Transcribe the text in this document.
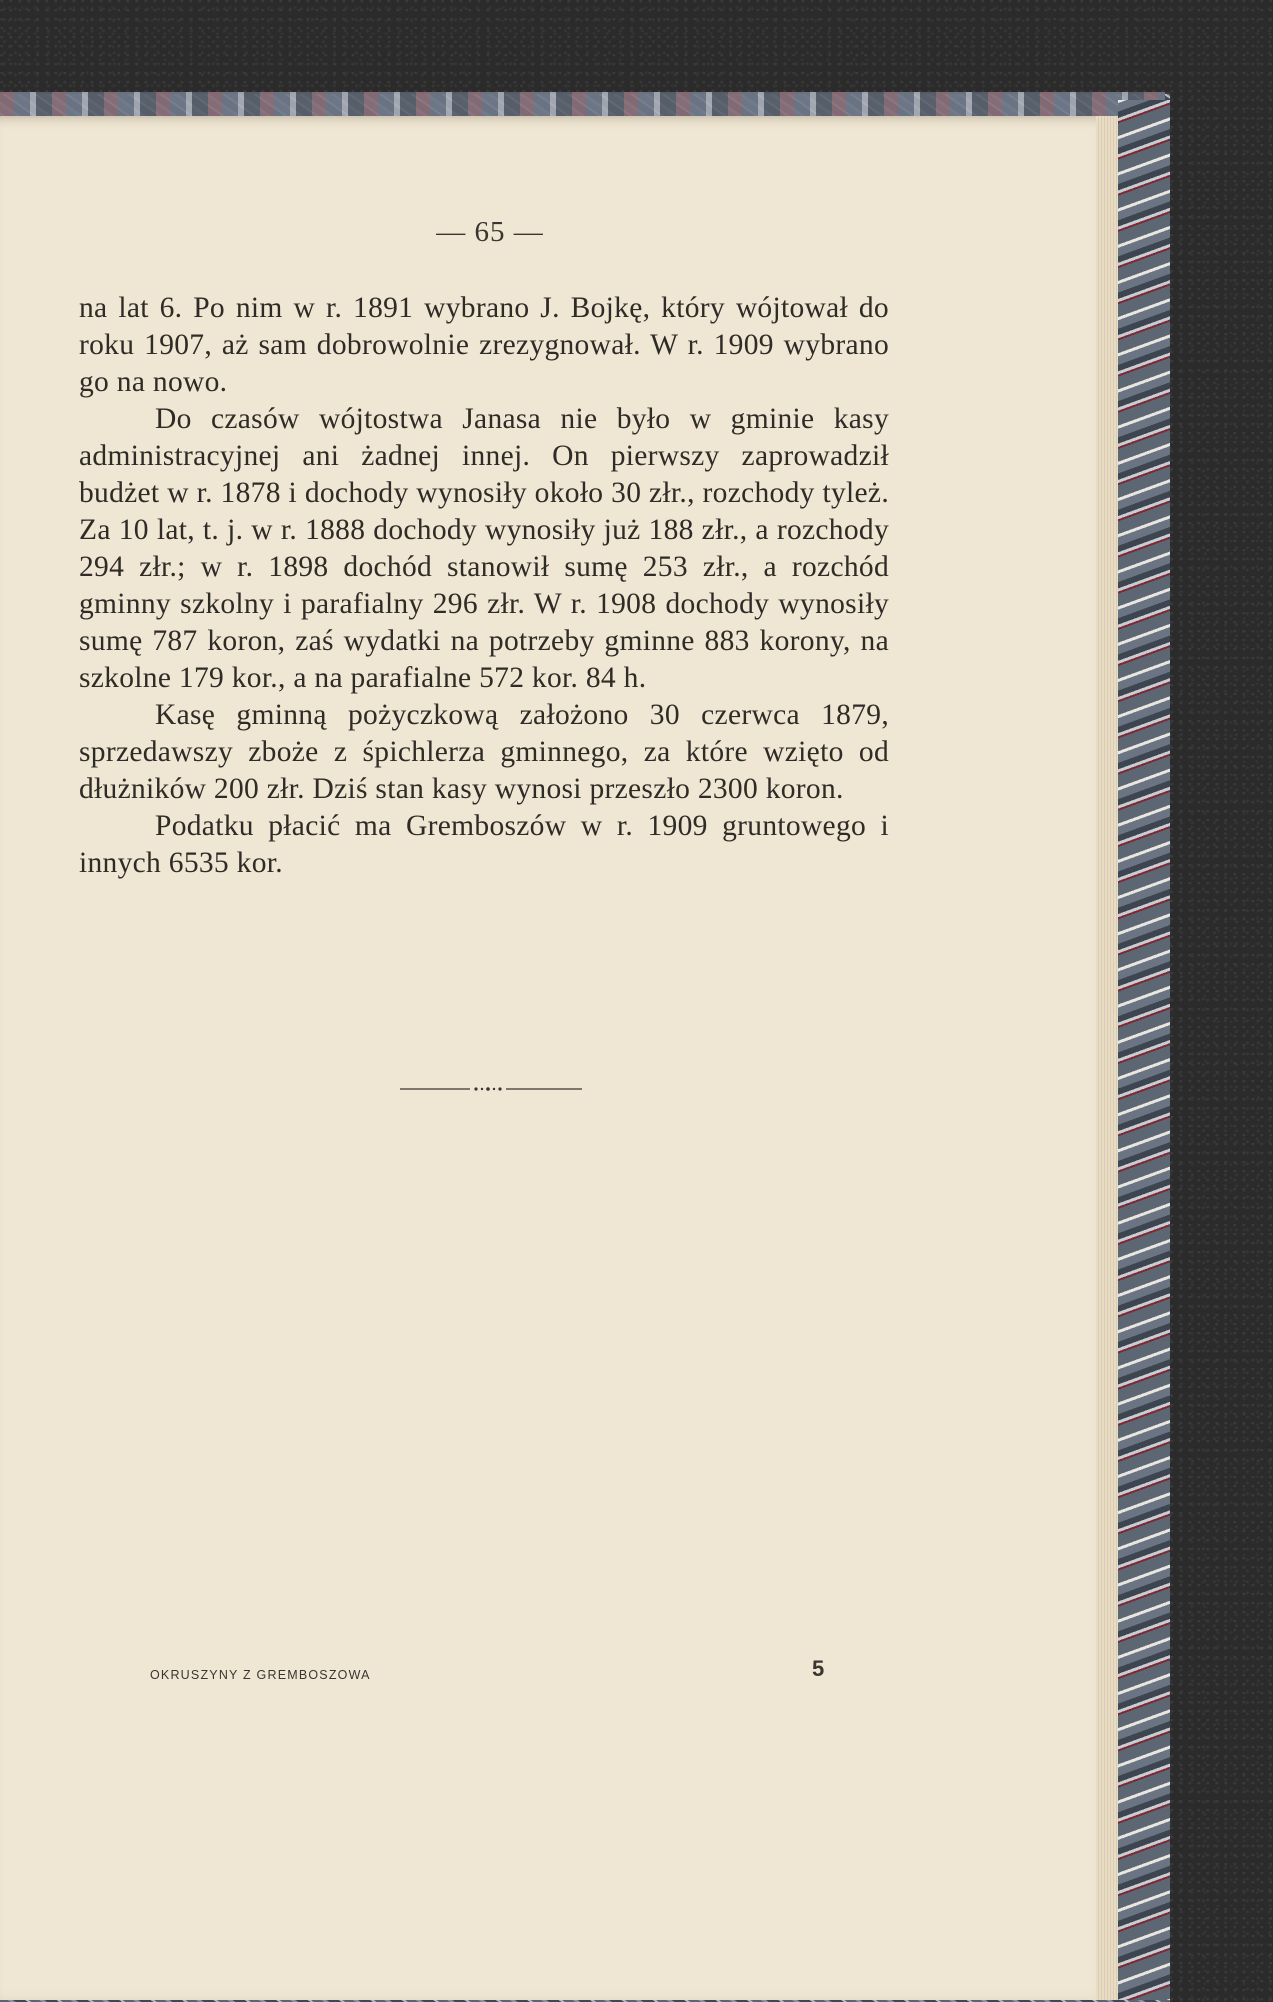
— 65 —

na lat 6. Po nim w r. 1891 wybrano J. Bojkę, który wójtował do roku 1907, aż sam dobrowolnie zrezygnował. W r. 1909 wybrano go na nowo.

Do czasów wójtostwa Janasa nie było w gminie kasy administracyjnej ani żadnej innej. On pierwszy zaprowadził budżet w r. 1878 i dochody wynosiły około 30 złr., rozchody tyleż. Za 10 lat, t. j. w r. 1888 dochody wynosiły już 188 złr., a rozchody 294 złr.; w r. 1898 dochód stanowił sumę 253 złr., a rozchód gminny szkolny i parafialny 296 złr. W r. 1908 dochody wynosiły sumę 787 koron, zaś wydatki na potrzeby gminne 883 korony, na szkolne 179 kor., a na parafialne 572 kor. 84 h.

Kasę gminną pożyczkową założono 30 czerwca 1879, sprzedawszy zboże z śpichlerza gminnego, za które wzięto od dłużników 200 złr. Dziś stan kasy wynosi przeszło 2300 koron.

Podatku płacić ma Gremboszów w r. 1909 gruntowego i innych 6535 kor.

OKRUSZYNY Z GREMBOSZOWA	5
